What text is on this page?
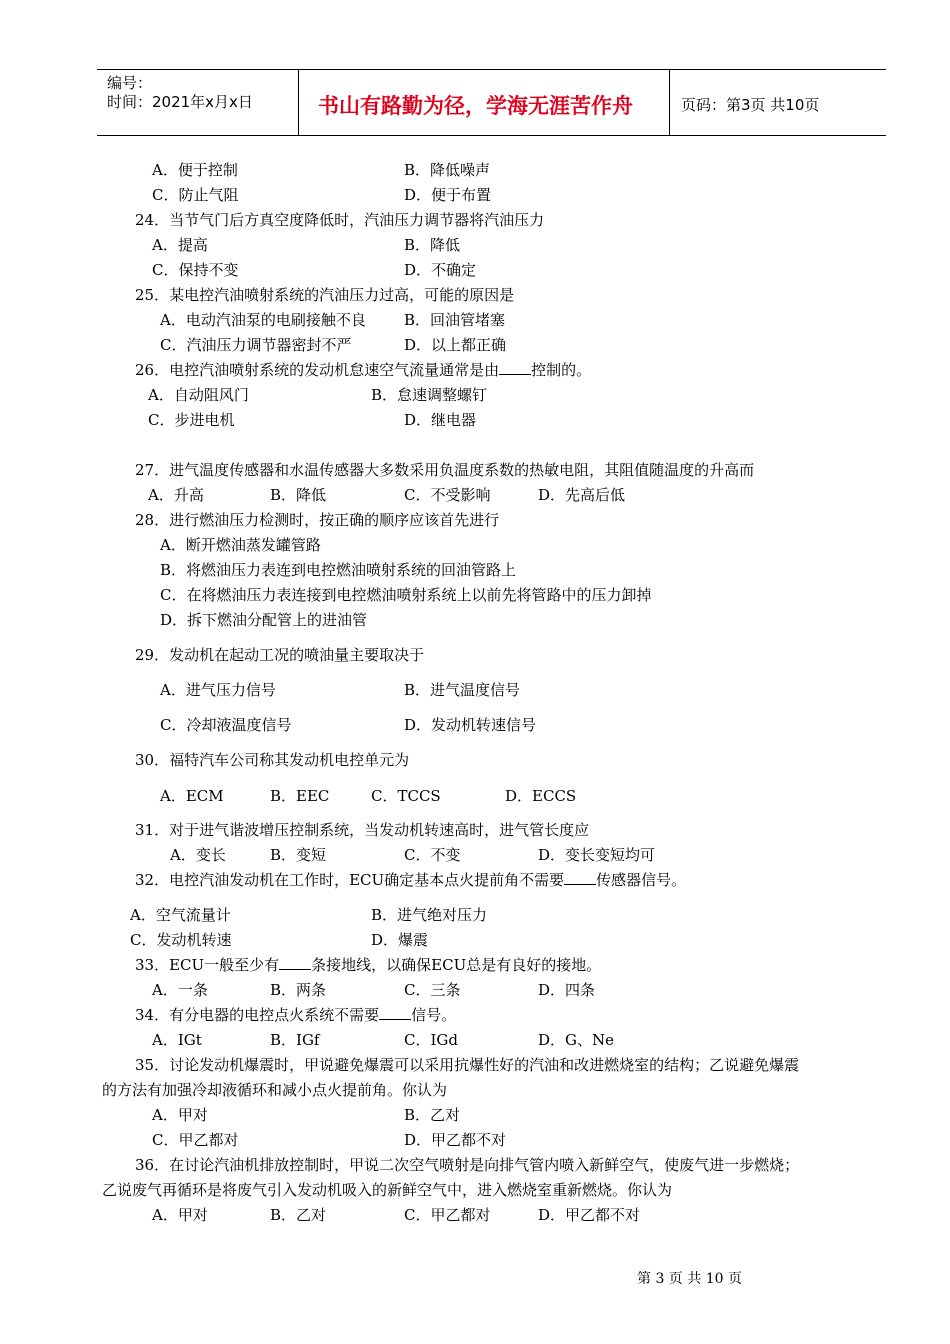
编号：
时间：2021年x月x日	书山有路勤为径，学海无涯苦作舟	页码：第3页 共10页
A．便于控制	B．降低噪声
C．防止气阻	D．便于布置
24．当节气门后方真空度降低时，汽油压力调节器将汽油压力
A．提高	B．降低
C．保持不变	D．不确定
25．某电控汽油喷射系统的汽油压力过高，可能的原因是
A．电动汽油泵的电刷接触不良	B．回油管堵塞
C．汽油压力调节器密封不严	D．以上都正确
26．电控汽油喷射系统的发动机怠速空气流量通常是由 控制的。
A．自动阻风门	B．怠速调整螺钉
C．步进电机	D．继电器
27．进气温度传感器和水温传感器大多数采用负温度系数的热敏电阻，其阻值随温度的升高而
A．升高	B．降低	C．不受影响	D．先高后低
28．进行燃油压力检测时，按正确的顺序应该首先进行
A．断开燃油蒸发罐管路
B．将燃油压力表连到电控燃油喷射系统的回油管路上
C．在将燃油压力表连接到电控燃油喷射系统上以前先将管路中的压力卸掉
D．拆下燃油分配管上的进油管
29．发动机在起动工况的喷油量主要取决于
A．进气压力信号	B．进气温度信号
C．冷却液温度信号	D．发动机转速信号
30．福特汽车公司称其发动机电控单元为
A．ECM	B．EEC	C．TCCS	D．ECCS
31．对于进气谐波增压控制系统，当发动机转速高时，进气管长度应
A．变长	B．变短	C．不变	D．变长变短均可
32．电控汽油发动机在工作时，ECU确定基本点火提前角不需要 传感器信号。
A．空气流量计	B．进气绝对压力
C．发动机转速	D．爆震
33．ECU一般至少有 条接地线，以确保ECU总是有良好的接地。
A．一条	B．两条	C．三条	D．四条
34．有分电器的电控点火系统不需要 信号。
A．IGt	B．IGf	C．IGd	D．G、Ne
35．讨论发动机爆震时，甲说避免爆震可以采用抗爆性好的汽油和改进燃烧室的结构；乙说避免爆震
的方法有加强冷却液循环和减小点火提前角。你认为
A．甲对	B．乙对
C．甲乙都对	D．甲乙都不对
36．在讨论汽油机排放控制时，甲说二次空气喷射是向排气管内喷入新鲜空气，使废气进一步燃烧；
乙说废气再循环是将废气引入发动机吸入的新鲜空气中，进入燃烧室重新燃烧。你认为
A．甲对	B．乙对	C．甲乙都对	D．甲乙都不对
第 3 页 共 10 页
